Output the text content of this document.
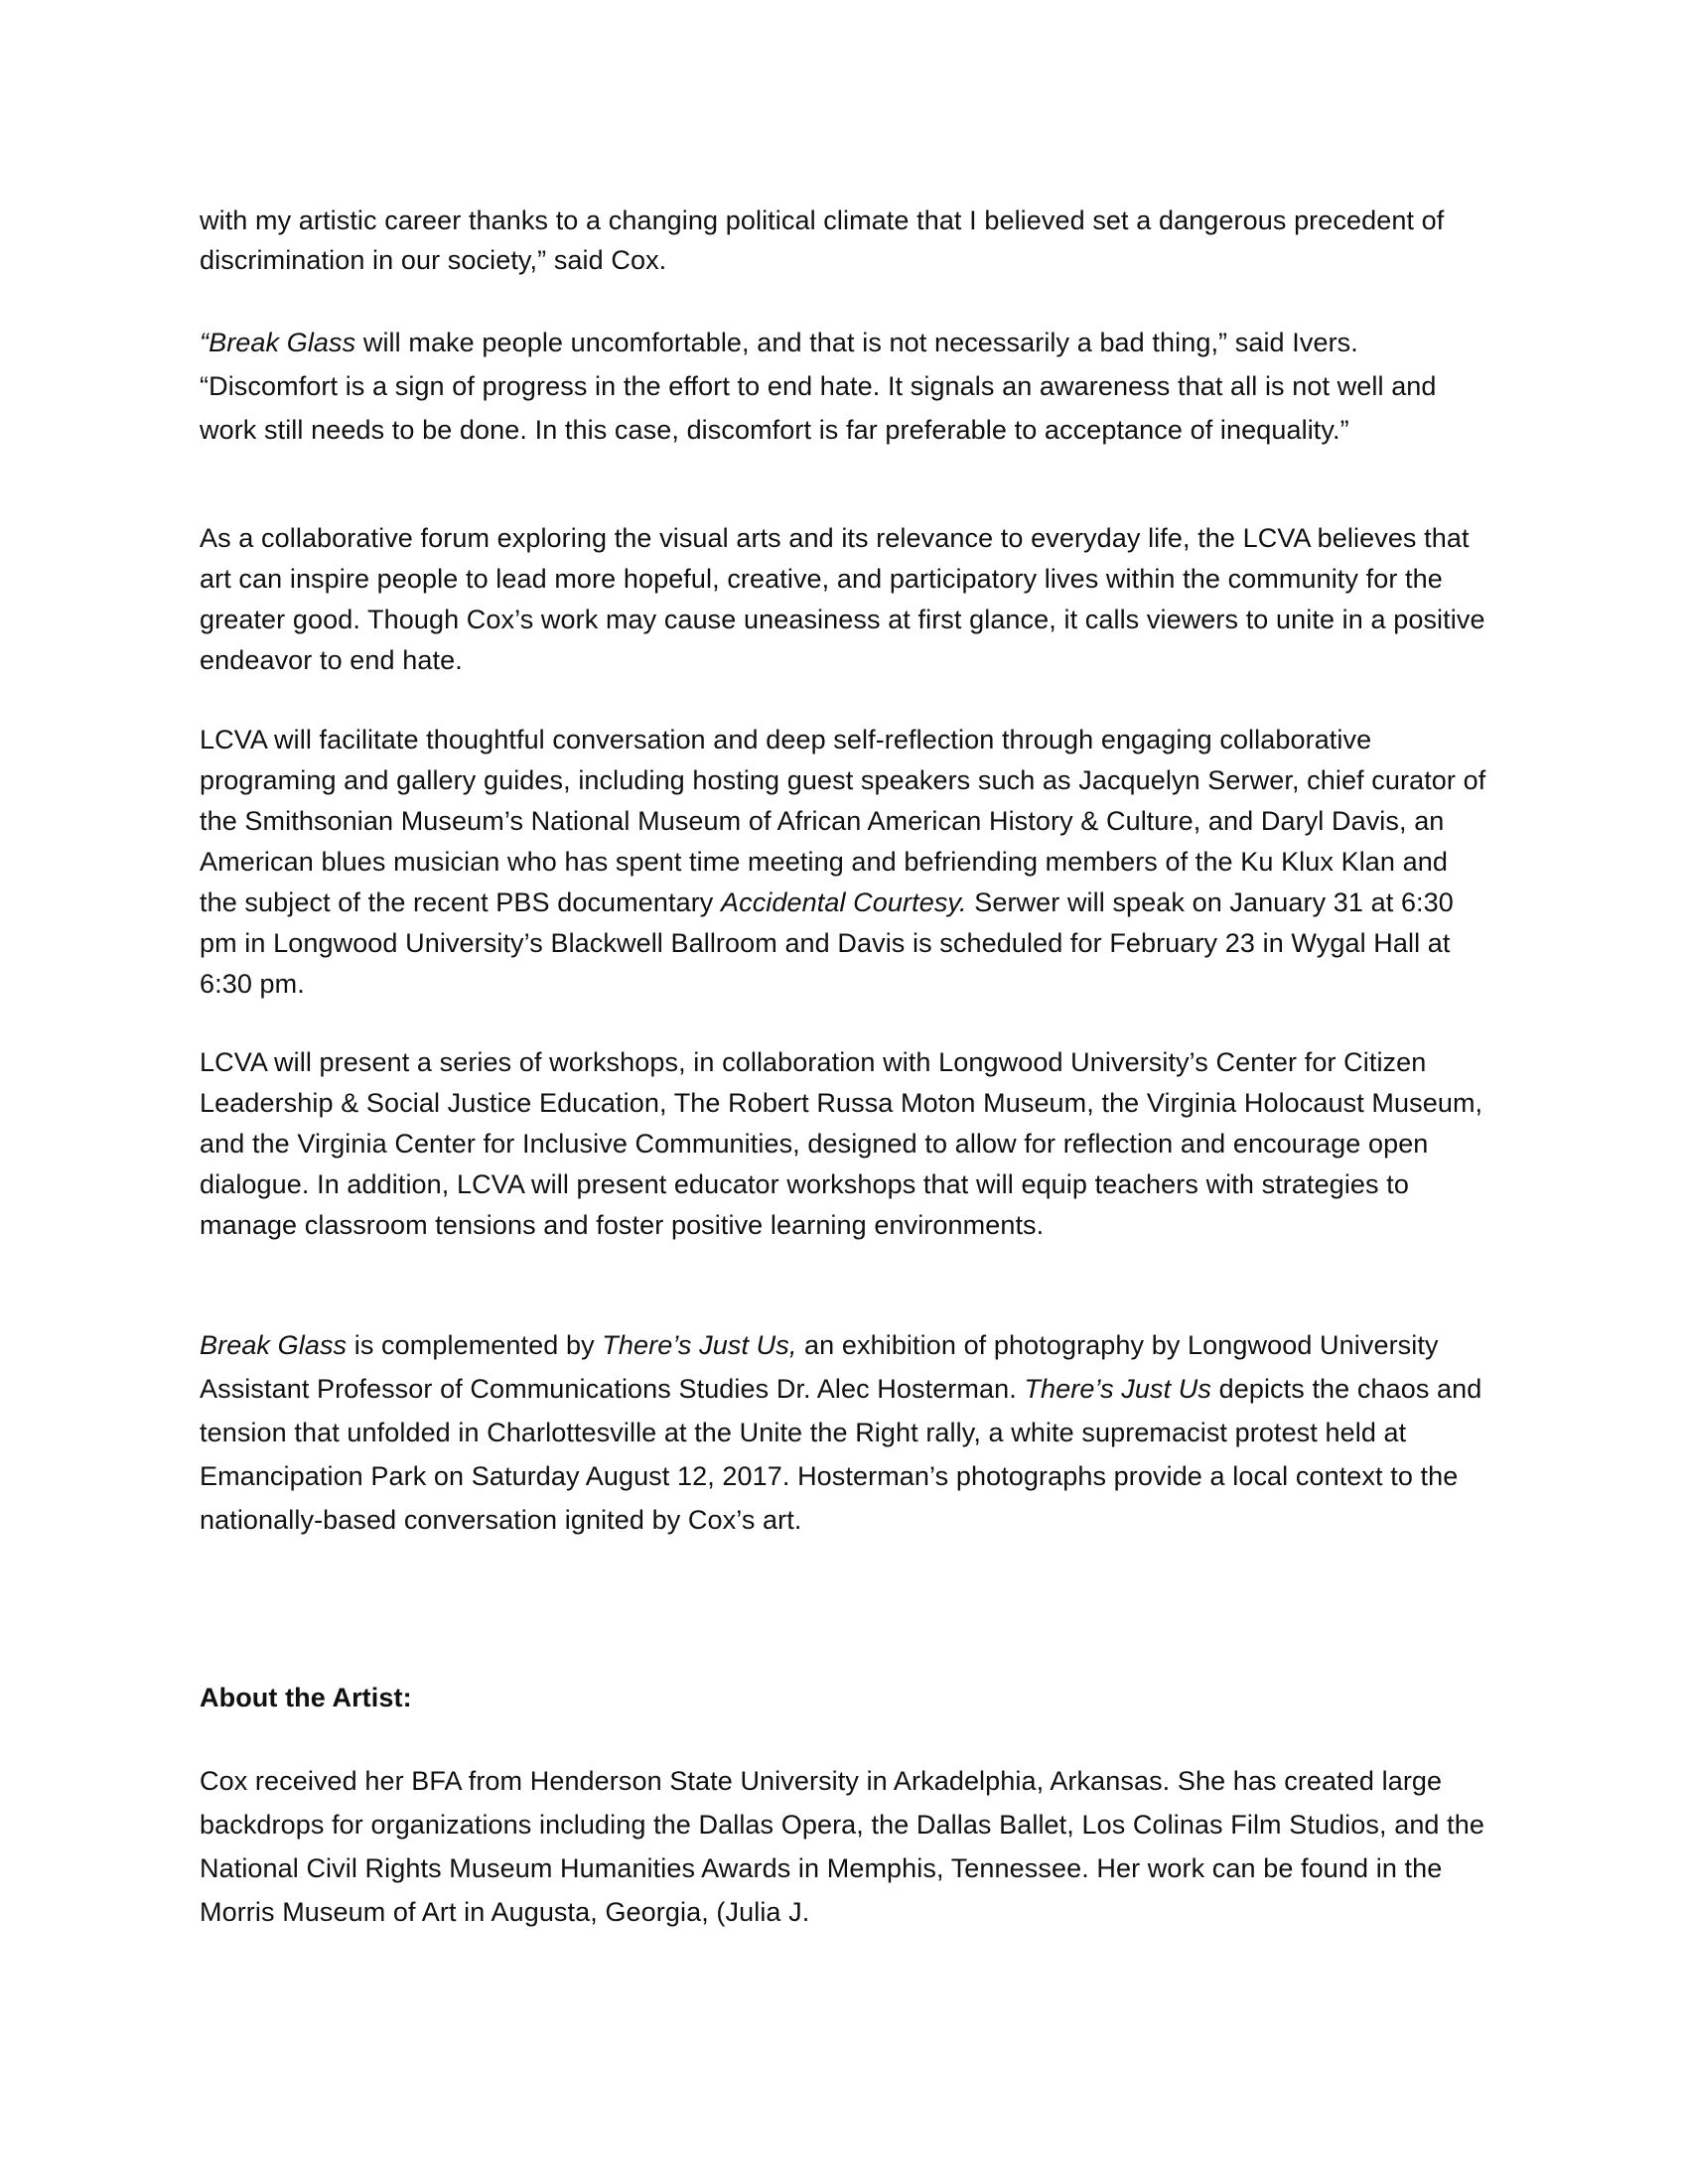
with my artistic career thanks to a changing political climate that I believed set a dangerous precedent of discrimination in our society,” said Cox.

“Break Glass will make people uncomfortable, and that is not necessarily a bad thing,” said Ivers. “Discomfort is a sign of progress in the effort to end hate. It signals an awareness that all is not well and work still needs to be done. In this case, discomfort is far preferable to acceptance of inequality.”

As a collaborative forum exploring the visual arts and its relevance to everyday life, the LCVA believes that art can inspire people to lead more hopeful, creative, and participatory lives within the community for the greater good. Though Cox’s work may cause uneasiness at first glance, it calls viewers to unite in a positive endeavor to end hate.

LCVA will facilitate thoughtful conversation and deep self-reflection through engaging collaborative programing and gallery guides, including hosting guest speakers such as Jacquelyn Serwer, chief curator of the Smithsonian Museum’s National Museum of African American History & Culture, and Daryl Davis, an American blues musician who has spent time meeting and befriending members of the Ku Klux Klan and the subject of the recent PBS documentary Accidental Courtesy. Serwer will speak on January 31 at 6:30 pm in Longwood University’s Blackwell Ballroom and Davis is scheduled for February 23 in Wygal Hall at 6:30 pm.

LCVA will present a series of workshops, in collaboration with Longwood University’s Center for Citizen Leadership & Social Justice Education, The Robert Russa Moton Museum, the Virginia Holocaust Museum, and the Virginia Center for Inclusive Communities, designed to allow for reflection and encourage open dialogue. In addition, LCVA will present educator workshops that will equip teachers with strategies to manage classroom tensions and foster positive learning environments.

Break Glass is complemented by There’s Just Us, an exhibition of photography by Longwood University Assistant Professor of Communications Studies Dr. Alec Hosterman. There’s Just Us depicts the chaos and tension that unfolded in Charlottesville at the Unite the Right rally, a white supremacist protest held at Emancipation Park on Saturday August 12, 2017. Hosterman’s photographs provide a local context to the nationally-based conversation ignited by Cox’s art.

About the Artist:

Cox received her BFA from Henderson State University in Arkadelphia, Arkansas. She has created large backdrops for organizations including the Dallas Opera, the Dallas Ballet, Los Colinas Film Studios, and the National Civil Rights Museum Humanities Awards in Memphis, Tennessee. Her work can be found in the Morris Museum of Art in Augusta, Georgia, (Julia J.
